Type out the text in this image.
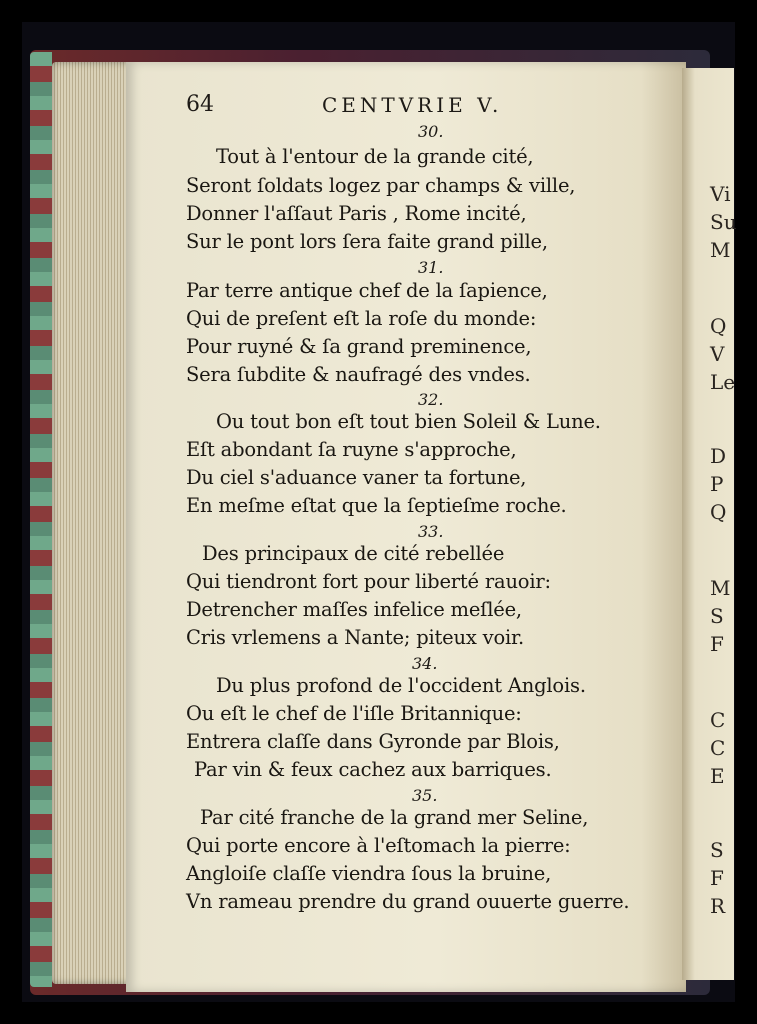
64	CENTVRIE V.
30.
Tout à l'entour de la grande cité,
Seront ſoldats logez par champs & ville,
Donner l'aſſaut Paris , Rome incité,
Sur le pont lors ſera faite grand pille,
31.
Par terre antique chef de la ſapience,
Qui de preſent eſt la roſe du monde:
Pour ruyné & ſa grand preminence,
Sera ſubdite & naufragé des vndes.
32.
Ou tout bon eſt tout bien Soleil & Lune.
Eſt abondant ſa ruyne s'approche,
Du ciel s'aduance vaner ta fortune,
En meſme eſtat que la ſeptieſme roche.
33.
Des principaux de cité rebellée
Qui tiendront fort pour liberté rauoir:
Detrencher maſſes infelice meſlée,
Cris vrlemens a Nante; piteux voir.
34.
Du plus profond de l'occident Anglois.
Ou eſt le chef de l'iſle Britannique:
Entrera claſſe dans Gyronde par Blois,
Par vin & feux cachez aux barriques.
35.
Par cité franche de la grand mer Seline,
Qui porte encore à l'eſtomach la pierre:
Angloiſe claſſe viendra ſous la bruine,
Vn rameau prendre du grand ouuerte guerre.
Vi
Su
M
Q
V
Le
D
P
Q
M
S
F
C
C
E
S
F
R
